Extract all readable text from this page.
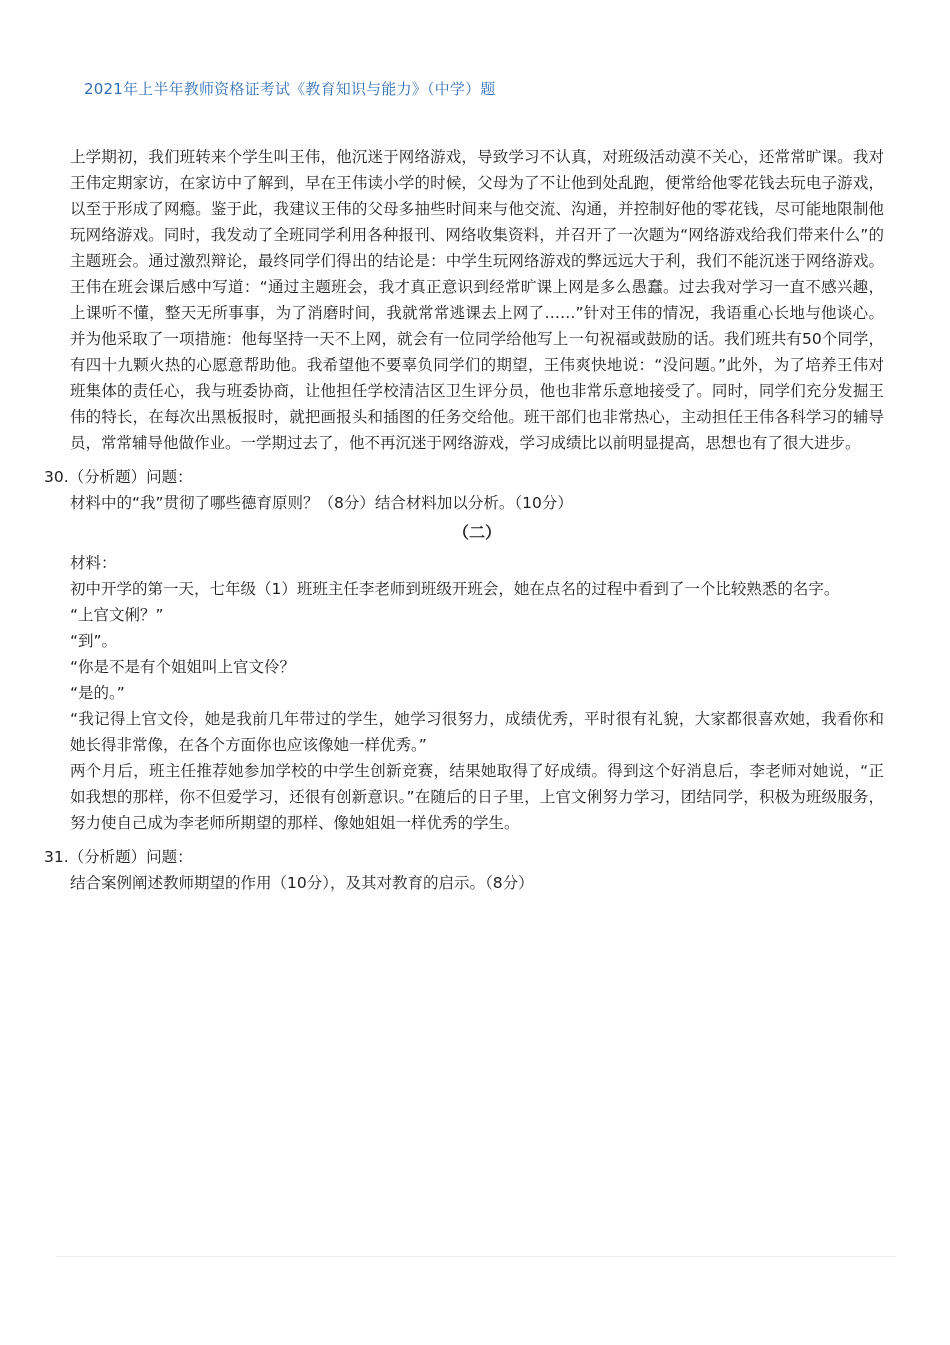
2021年上半年教师资格证考试《教育知识与能力》（中学）题

上学期初，我们班转来个学生叫王伟，他沉迷于网络游戏，导致学习不认真，对班级活动漠不关心，还常常旷课。我对王伟定期家访，在家访中了解到，早在王伟读小学的时候，父母为了不让他到处乱跑，便常给他零花钱去玩电子游戏，以至于形成了网瘾。鉴于此，我建议王伟的父母多抽些时间来与他交流、沟通，并控制好他的零花钱，尽可能地限制他玩网络游戏。同时，我发动了全班同学利用各种报刊、网络收集资料，并召开了一次题为“网络游戏给我们带来什么”的主题班会。通过激烈辩论，最终同学们得出的结论是：中学生玩网络游戏的弊远远大于利，我们不能沉迷于网络游戏。王伟在班会课后感中写道：“通过主题班会，我才真正意识到经常旷课上网是多么愚蠢。过去我对学习一直不感兴趣，上课听不懂，整天无所事事，为了消磨时间，我就常常逃课去上网了……”针对王伟的情况，我语重心长地与他谈心。并为他采取了一项措施：他每坚持一天不上网，就会有一位同学给他写上一句祝福或鼓励的话。我们班共有50个同学，有四十九颗火热的心愿意帮助他。我希望他不要辜负同学们的期望，王伟爽快地说：“没问题。”此外，为了培养王伟对班集体的责任心，我与班委协商，让他担任学校清洁区卫生评分员，他也非常乐意地接受了。同时，同学们充分发掘王伟的特长，在每次出黑板报时，就把画报头和插图的任务交给他。班干部们也非常热心，主动担任王伟各科学习的辅导员，常常辅导他做作业。一学期过去了，他不再沉迷于网络游戏，学习成绩比以前明显提高，思想也有了很大进步。

30.（分析题）问题：

材料中的“我”贯彻了哪些德育原则？（8分）结合材料加以分析。（10分）

（二）

材料：

初中开学的第一天，七年级（1）班班主任李老师到班级开班会，她在点名的过程中看到了一个比较熟悉的名字。

“上官文俐？”

“到”。

“你是不是有个姐姐叫上官文伶？

“是的。”

“我记得上官文伶，她是我前几年带过的学生，她学习很努力，成绩优秀，平时很有礼貌，大家都很喜欢她，我看你和她长得非常像，在各个方面你也应该像她一样优秀。”

两个月后，班主任推荐她参加学校的中学生创新竞赛，结果她取得了好成绩。得到这个好消息后，李老师对她说，“正如我想的那样，你不但爱学习，还很有创新意识。”在随后的日子里，上官文俐努力学习，团结同学，积极为班级服务，努力使自己成为李老师所期望的那样、像她姐姐一样优秀的学生。

31.（分析题）问题：

结合案例阐述教师期望的作用（10分），及其对教育的启示。（8分）
